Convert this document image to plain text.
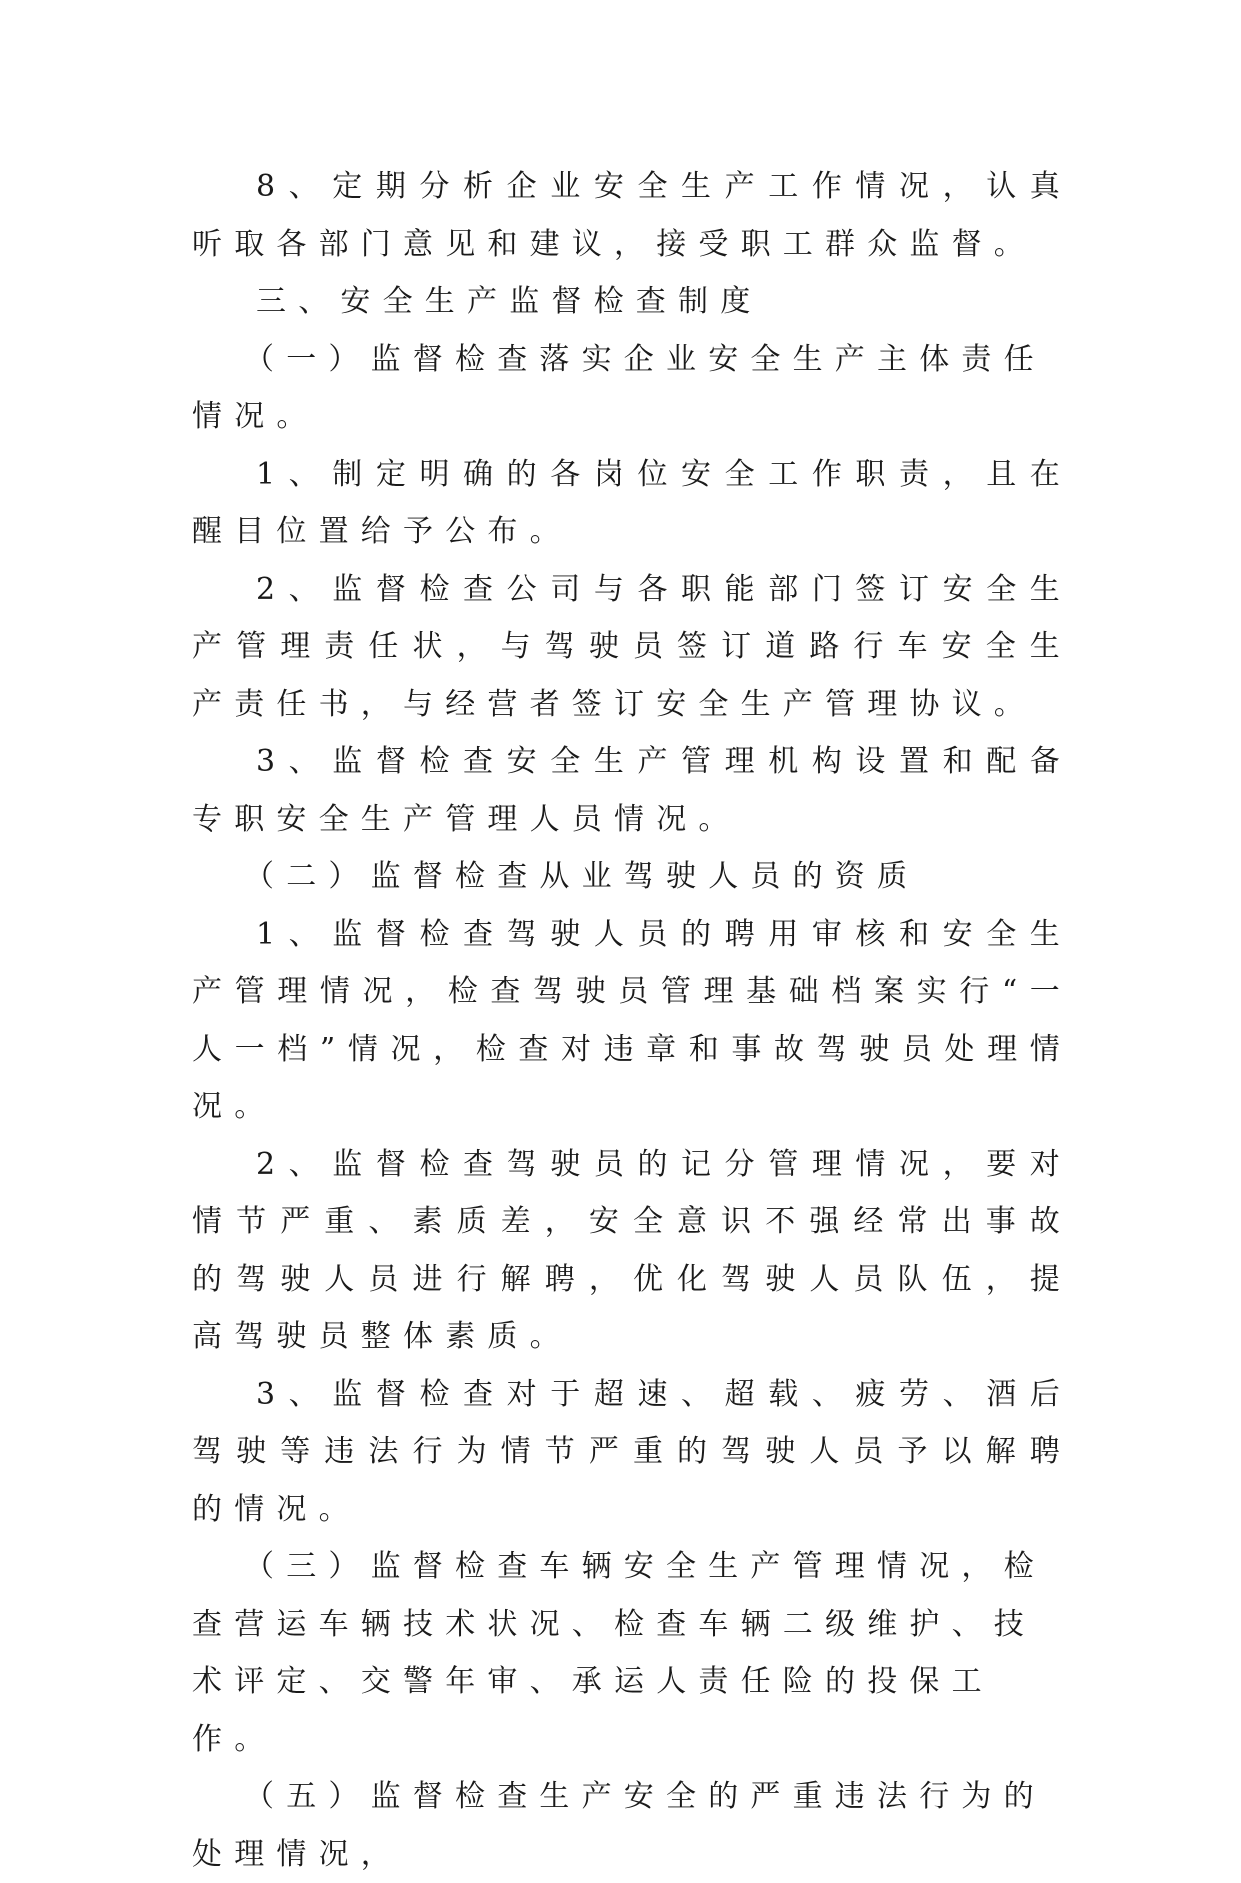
8、定期分析企业安全生产工作情况，认真听取各部门意见和建议，接受职工群众监督。

三、安全生产监督检查制度

（一）监督检查落实企业安全生产主体责任情况。

1、制定明确的各岗位安全工作职责，且在醒目位置给予公布。

2、监督检查公司与各职能部门签订安全生产管理责任状，与驾驶员签订道路行车安全生产责任书，与经营者签订安全生产管理协议。

3、监督检查安全生产管理机构设置和配备专职安全生产管理人员情况。

（二）监督检查从业驾驶人员的资质

1、监督检查驾驶人员的聘用审核和安全生产管理情况，检查驾驶员管理基础档案实行“一人一档”情况，检查对违章和事故驾驶员处理情况。

2、监督检查驾驶员的记分管理情况，要对情节严重、素质差，安全意识不强经常出事故的驾驶人员进行解聘，优化驾驶人员队伍，提高驾驶员整体素质。

3、监督检查对于超速、超载、疲劳、酒后驾驶等违法行为情节严重的驾驶人员予以解聘的情况。

（三）监督检查车辆安全生产管理情况，检查营运车辆技术状况、检查车辆二级维护、技术评定、交警年审、承运人责任险的投保工作。

（五）监督检查生产安全的严重违法行为的处理情况，
